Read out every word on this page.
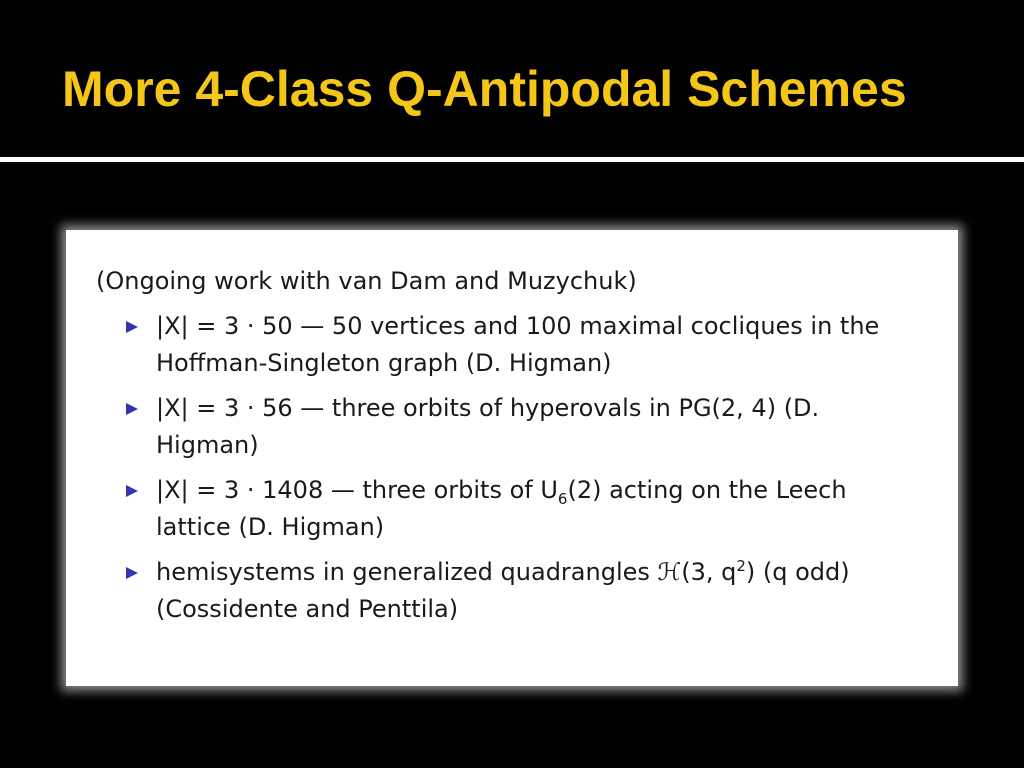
More 4-Class Q-Antipodal Schemes
(Ongoing work with van Dam and Muzychuk)
|X| = 3 · 50 — 50 vertices and 100 maximal cocliques in the
Hoffman-Singleton graph (D. Higman)
|X| = 3 · 56 — three orbits of hyperovals in PG(2, 4) (D.
Higman)
|X| = 3 · 1408 — three orbits of $U_6(2)$ acting on the Leech
lattice (D. Higman)
hemisystems in generalized quadrangles ℋ(3, $q^2$) (q odd)
(Cossidente and Penttila)
